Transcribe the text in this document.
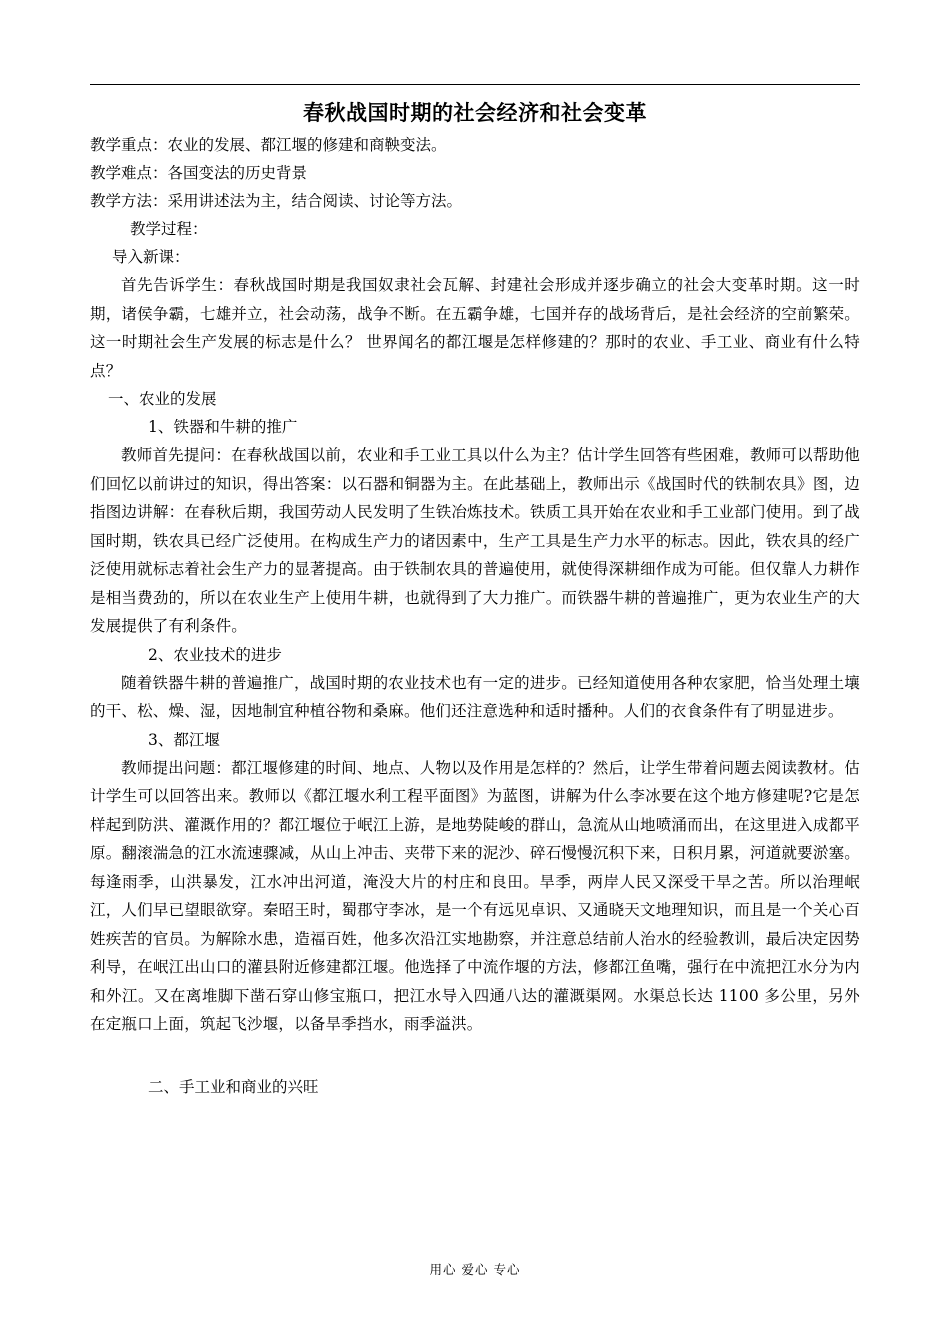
春秋战国时期的社会经济和社会变革

教学重点：农业的发展、都江堰的修建和商鞅变法。

教学难点：各国变法的历史背景

教学方法：采用讲述法为主，结合阅读、讨论等方法。

教学过程：

导入新课：

首先告诉学生：春秋战国时期是我国奴隶社会瓦解、封建社会形成并逐步确立的社会大变革时期。这一时期，诸侯争霸，七雄并立，社会动荡，战争不断。在五霸争雄，七国并存的战场背后，是社会经济的空前繁荣。这一时期社会生产发展的标志是什么？ 世界闻名的都江堰是怎样修建的？那时的农业、手工业、商业有什么特点？

一、农业的发展

1、铁器和牛耕的推广

教师首先提问：在春秋战国以前，农业和手工业工具以什么为主？估计学生回答有些困难，教师可以帮助他们回忆以前讲过的知识，得出答案：以石器和铜器为主。在此基础上，教师出示《战国时代的铁制农具》图，边指图边讲解：在春秋后期，我国劳动人民发明了生铁冶炼技术。铁质工具开始在农业和手工业部门使用。到了战国时期，铁农具已经广泛使用。在构成生产力的诸因素中，生产工具是生产力水平的标志。因此，铁农具的经广泛使用就标志着社会生产力的显著提高。由于铁制农具的普遍使用，就使得深耕细作成为可能。但仅靠人力耕作是相当费劲的，所以在农业生产上使用牛耕，也就得到了大力推广。而铁器牛耕的普遍推广，更为农业生产的大发展提供了有利条件。

2、农业技术的进步

随着铁器牛耕的普遍推广，战国时期的农业技术也有一定的进步。已经知道使用各种农家肥，恰当处理土壤的干、松、燥、湿，因地制宜种植谷物和桑麻。他们还注意选种和适时播种。人们的衣食条件有了明显进步。

3、都江堰

教师提出问题：都江堰修建的时间、地点、人物以及作用是怎样的？然后，让学生带着问题去阅读教材。估计学生可以回答出来。教师以《都江堰水利工程平面图》为蓝图，讲解为什么李冰要在这个地方修建呢?它是怎样起到防洪、灌溉作用的？都江堰位于岷江上游，是地势陡峻的群山，急流从山地喷涌而出，在这里进入成都平原。翻滚湍急的江水流速骤减，从山上冲击、夹带下来的泥沙、碎石慢慢沉积下来，日积月累，河道就要淤塞。每逢雨季，山洪暴发，江水冲出河道，淹没大片的村庄和良田。旱季，两岸人民又深受干旱之苦。所以治理岷江，人们早已望眼欲穿。秦昭王时，蜀郡守李冰，是一个有远见卓识、又通晓天文地理知识，而且是一个关心百姓疾苦的官员。为解除水患，造福百姓，他多次沿江实地勘察，并注意总结前人治水的经验教训，最后决定因势利导，在岷江出山口的灌县附近修建都江堰。他选择了中流作堰的方法，修都江鱼嘴，强行在中流把江水分为内和外江。又在离堆脚下凿石穿山修宝瓶口，把江水导入四通八达的灌溉渠网。水渠总长达 1100 多公里，另外在定瓶口上面，筑起飞沙堰，以备旱季挡水，雨季溢洪。

二、手工业和商业的兴旺

用心 爱心 专心
